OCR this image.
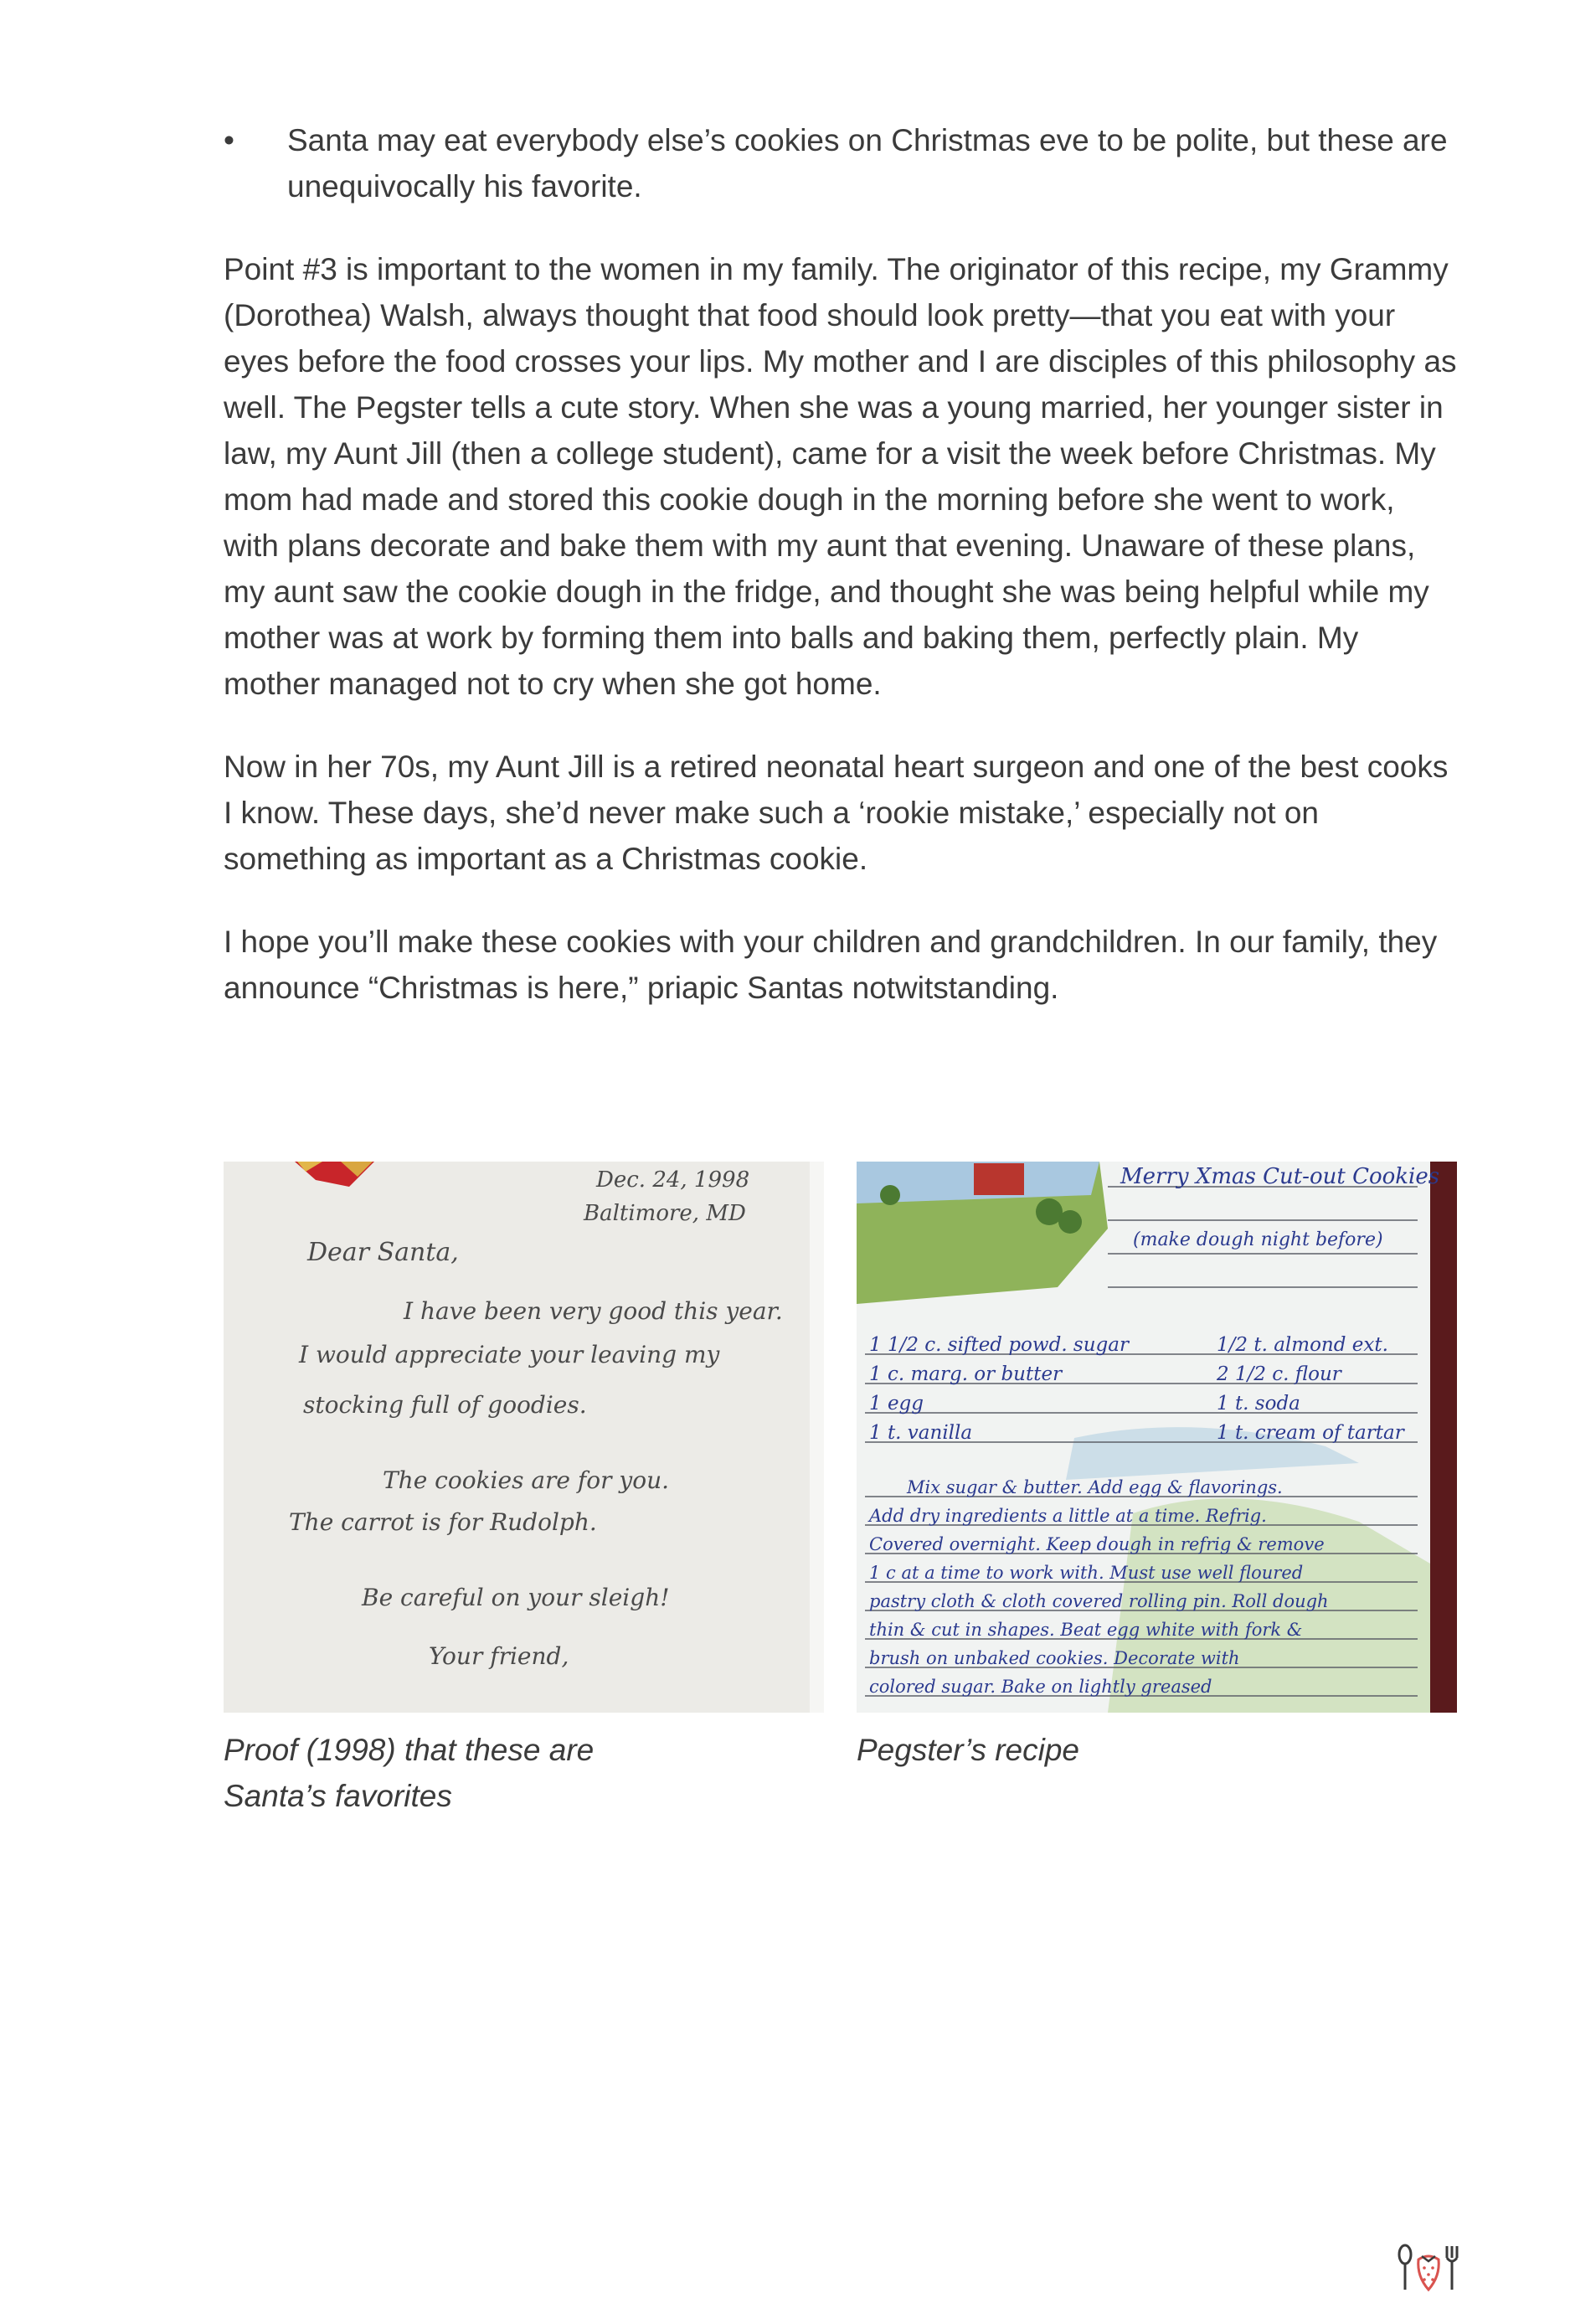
•	Santa may eat everybody else’s cookies on Christmas eve to be polite, but these are unequivocally his favorite.

Point #3 is important to the women in my family. The originator of this recipe, my Grammy (Dorothea) Walsh, always thought that food should look pretty—that you eat with your eyes before the food crosses your lips. My mother and I are disciples of this philosophy as well. The Pegster tells a cute story. When she was a young married, her younger sister in law, my Aunt Jill (then a college student), came for a visit the week before Christmas. My mom had made and stored this cookie dough in the morning before she went to work, with plans decorate and bake them with my aunt that evening. Unaware of these plans, my aunt saw the cookie dough in the fridge, and thought she was being helpful while my mother was at work by forming them into balls and baking them, perfectly plain. My mother managed not to cry when she got home.

Now in her 70s, my Aunt Jill is a retired neonatal heart surgeon and one of the best cooks I know. These days, she’d never make such a ‘rookie mistake,’ especially not on something as important as a Christmas cookie.

I hope you’ll make these cookies with your children and grandchildren. In our family, they announce “Christmas is here,” priapic Santas notwitstanding.

Dec. 24, 1998
Baltimore, MD
Dear Santa,
I have been very good this year.
I would appreciate your leaving my
stocking full of goodies.
The cookies are for you.
The carrot is for Rudolph.
Be careful on your sleigh!
Your friend,
Merry Xmas Cut-out Cookies
(make dough night before)
1 1/2 c. sifted powd. sugar
1 c. marg. or butter
1 egg
1 t. vanilla
1/2 t. almond ext.
2 1/2 c. flour
1 t. soda
1 t. cream of tartar
Mix sugar & butter. Add egg & flavorings.
Add dry ingredients a little at a time. Refrig.
Covered overnight. Keep dough in refrig & remove
1 c at a time to work with. Must use well floured
pastry cloth & cloth covered rolling pin. Roll dough
thin & cut in shapes. Beat egg white with fork &
brush on unbaked cookies. Decorate with
colored sugar. Bake on lightly greased

Proof (1998) that these are Santa’s favorites

Pegster’s recipe
